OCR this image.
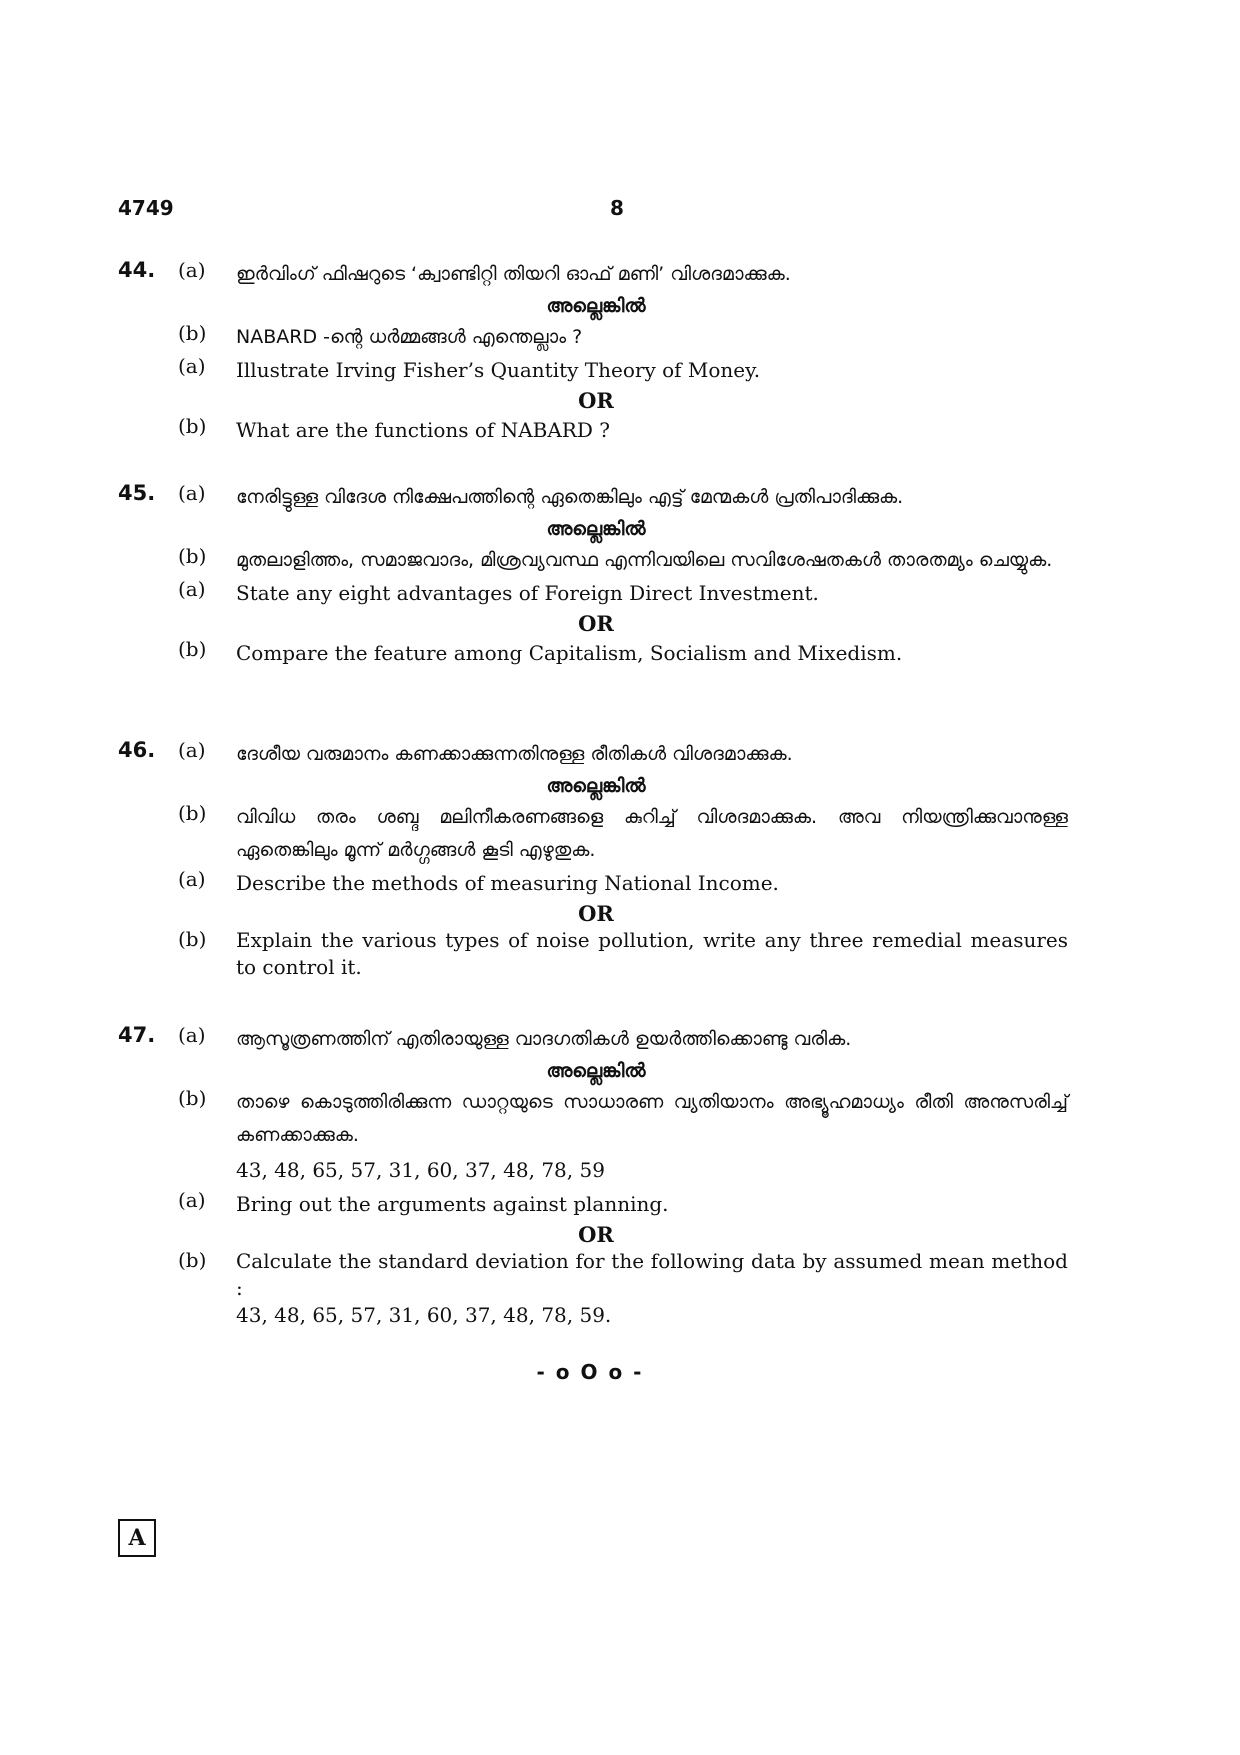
4749	8
44. (a) ഇർവിംഗ് ഫിഷറുടെ ‘ക്വാണ്ടിറ്റി തിയറി ഓഫ് മണി’ വിശദമാക്കുക.
അല്ലെങ്കിൽ
(b) NABARD -ന്റെ ധർമ്മങ്ങൾ എന്തെല്ലാം ?
(a) Illustrate Irving Fisher’s Quantity Theory of Money.
OR
(b) What are the functions of NABARD ?
45. (a) നേരിട്ടുള്ള വിദേശ നിക്ഷേപത്തിന്റെ ഏതെങ്കിലും എട്ട് മേന്മകൾ പ്രതിപാദിക്കുക.
അല്ലെങ്കിൽ
(b) മുതലാളിത്തം, സമാജവാദം, മിശ്രവ്യവസ്ഥ എന്നിവയിലെ സവിശേഷതകൾ താരതമ്യം ചെയ്യുക.
(a) State any eight advantages of Foreign Direct Investment.
OR
(b) Compare the feature among Capitalism, Socialism and Mixedism.
46. (a) ദേശീയ വരുമാനം കണക്കാക്കുന്നതിനുള്ള രീതികൾ വിശദമാക്കുക.
അല്ലെങ്കിൽ
(b) വിവിധ തരം ശബ്ദ മലിനീകരണങ്ങളെ കുറിച്ച് വിശദമാക്കുക. അവ നിയന്ത്രിക്കുവാനുള്ള ഏതെങ്കിലും മൂന്ന് മർഗ്ഗങ്ങൾ കൂടി എഴുതുക.
(a) Describe the methods of measuring National Income.
OR
(b) Explain the various types of noise pollution, write any three remedial measures to control it.
47. (a) ആസൂത്രണത്തിന് എതിരായുള്ള വാദഗതികൾ ഉയർത്തിക്കൊണ്ടു വരിക.
അല്ലെങ്കിൽ
(b) താഴെ കൊടുത്തിരിക്കുന്ന ഡാറ്റയുടെ സാധാരണ വ്യതിയാനം അഭ്യൂഹമാധ്യം രീതി അനുസരിച്ച് കണക്കാക്കുക.
43, 48, 65, 57, 31, 60, 37, 48, 78, 59
(a) Bring out the arguments against planning.
OR
(b) Calculate the standard deviation for the following data by assumed mean method :
43, 48, 65, 57, 31, 60, 37, 48, 78, 59.
- o O o -
A
